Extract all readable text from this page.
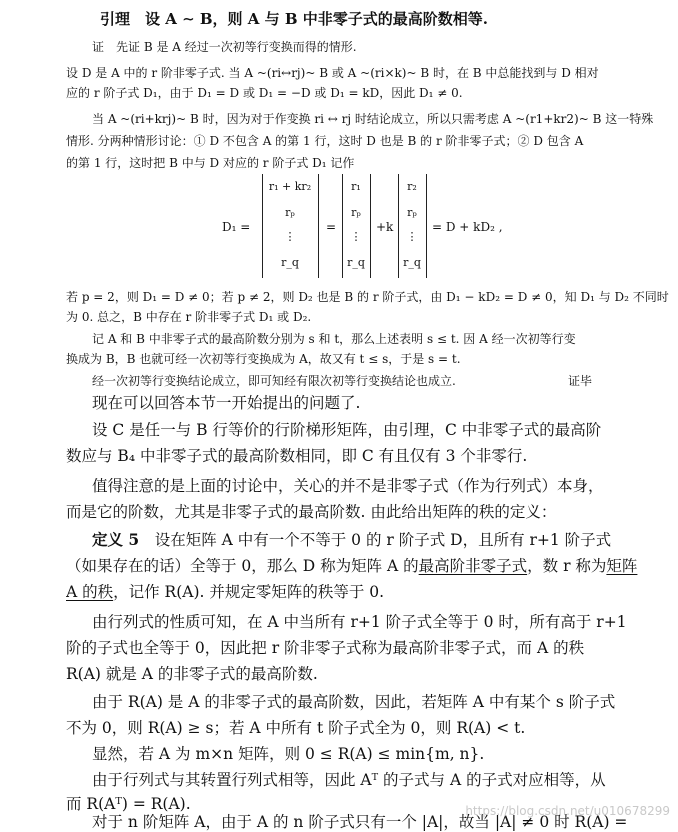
引理　设 A ∼ B，则 A 与 B 中非零子式的最高阶数相等.
证　先证 B 是 A 经过一次初等行变换而得的情形.
设 D 是 A 中的 r 阶非零子式. 当 A ~(ri↔rj)~ B 或 A ~(ri×k)~ B 时，在 B 中总能找到与 D 相对
应的 r 阶子式 D₁，由于 D₁ = D 或 D₁ = −D 或 D₁ = kD，因此 D₁ ≠ 0.
当 A ~(ri+krj)~ B 时，因为对于作变换 ri ↔ rj 时结论成立，所以只需考虑 A ~(r1+kr2)~ B 这一特殊
情形. 分两种情形讨论：① D 不包含 A 的第 1 行，这时 D 也是 B 的 r 阶非零子式；② D 包含 A
的第 1 行，这时把 B 中与 D 对应的 r 阶子式 D₁ 记作
D₁ =
r₁ + kr₂
rₚ
⋮
r_q
=
r₁
rₚ
⋮
r_q
+k
r₂
rₚ
⋮
r_q
= D + kD₂ ,
若 p = 2，则 D₁ = D ≠ 0；若 p ≠ 2，则 D₂ 也是 B 的 r 阶子式，由 D₁ − kD₂ = D ≠ 0，知 D₁ 与 D₂ 不同时
为 0. 总之，B 中存在 r 阶非零子式 D₁ 或 D₂.
记 A 和 B 中非零子式的最高阶数分别为 s 和 t，那么上述表明 s ≤ t. 因 A 经一次初等行变
换成为 B，B 也就可经一次初等行变换成为 A，故又有 t ≤ s，于是 s = t.
经一次初等行变换结论成立，即可知经有限次初等行变换结论也成立.	证毕
现在可以回答本节一开始提出的问题了.
设 C 是任一与 B 行等价的行阶梯形矩阵，由引理，C 中非零子式的最高阶
数应与 B₄ 中非零子式的最高阶数相同，即 C 有且仅有 3 个非零行.
值得注意的是上面的讨论中，关心的并不是非零子式（作为行列式）本身，
而是它的阶数，尤其是非零子式的最高阶数. 由此给出矩阵的秩的定义：
定义 5　设在矩阵 A 中有一个不等于 0 的 r 阶子式 D，且所有 r+1 阶子式
（如果存在的话）全等于 0，那么 D 称为矩阵 A 的最高阶非零子式，数 r 称为矩阵
A 的秩，记作 R(A). 并规定零矩阵的秩等于 0.
由行列式的性质可知，在 A 中当所有 r+1 阶子式全等于 0 时，所有高于 r+1
阶的子式也全等于 0，因此把 r 阶非零子式称为最高阶非零子式，而 A 的秩
R(A) 就是 A 的非零子式的最高阶数.
由于 R(A) 是 A 的非零子式的最高阶数，因此，若矩阵 A 中有某个 s 阶子式
不为 0，则 R(A) ≥ s；若 A 中所有 t 阶子式全为 0，则 R(A) < t.
显然，若 A 为 m×n 矩阵，则 0 ≤ R(A) ≤ min{m, n}.
由于行列式与其转置行列式相等，因此 Aᵀ 的子式与 A 的子式对应相等，从
而 R(Aᵀ) = R(A).
对于 n 阶矩阵 A，由于 A 的 n 阶子式只有一个 |A|，故当 |A| ≠ 0 时 R(A) =
https://blog.csdn.net/u010678299
